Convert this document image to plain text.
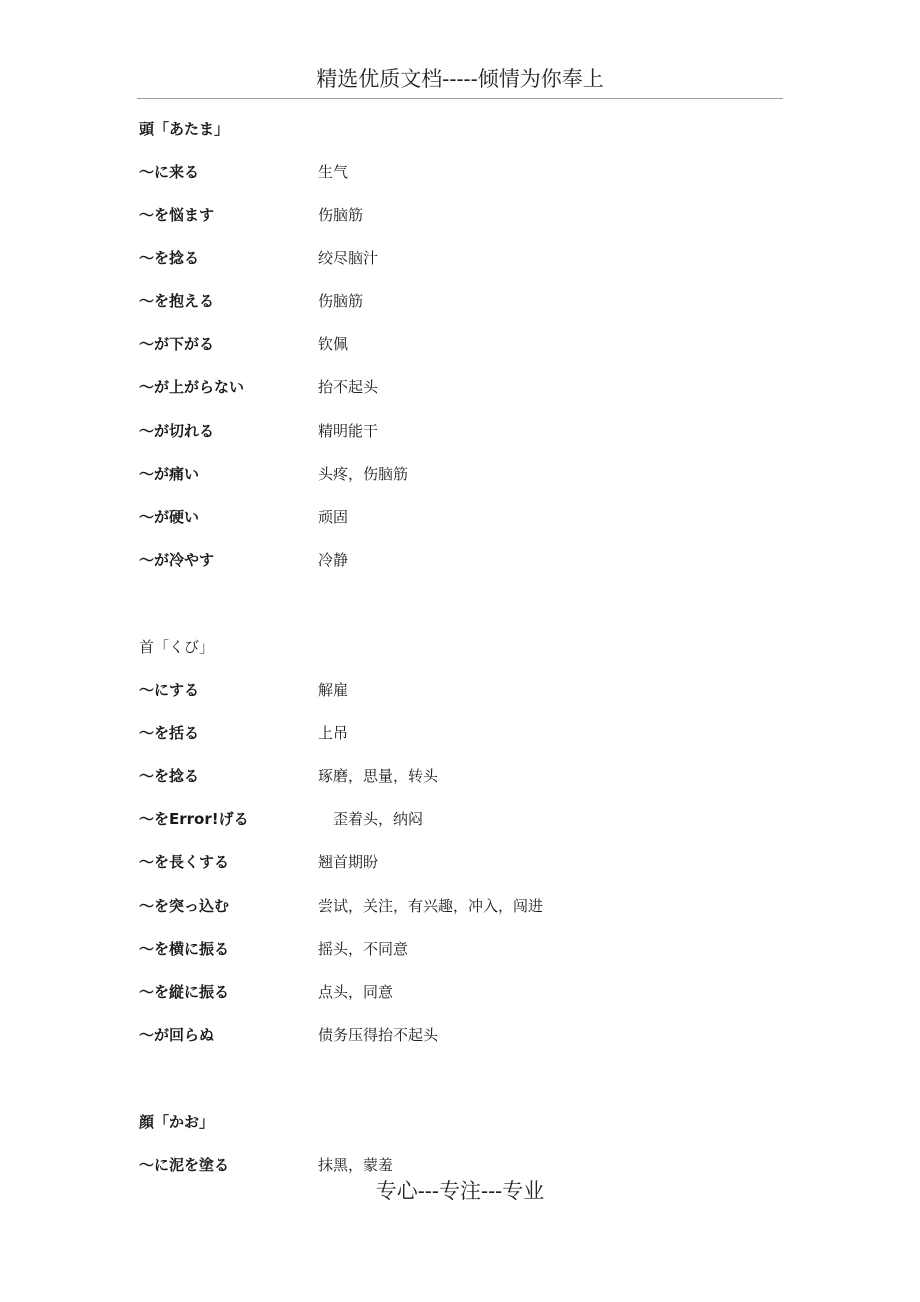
精选优质文档-----倾情为你奉上
頭「あたま」
～に来る	生气
～を悩ます	伤脑筋
～を捻る	绞尽脑汁
～を抱える	伤脑筋
～が下がる	钦佩
～が上がらない	抬不起头
～が切れる	精明能干
～が痛い	头疼，伤脑筋
～が硬い	顽固
～が冷やす	冷静
首「くび」
～にする	解雇
～を括る	上吊
～を捻る	琢磨，思量，转头
～をError!げる	歪着头，纳闷
～を長くする	翘首期盼
～を突っ込む	尝试，关注，有兴趣，冲入，闯进
～を横に振る	摇头，不同意
～を縦に振る	点头，同意
～が回らぬ	债务压得抬不起头
顔「かお」
～に泥を塗る	抹黑，蒙羞
专心---专注---专业
